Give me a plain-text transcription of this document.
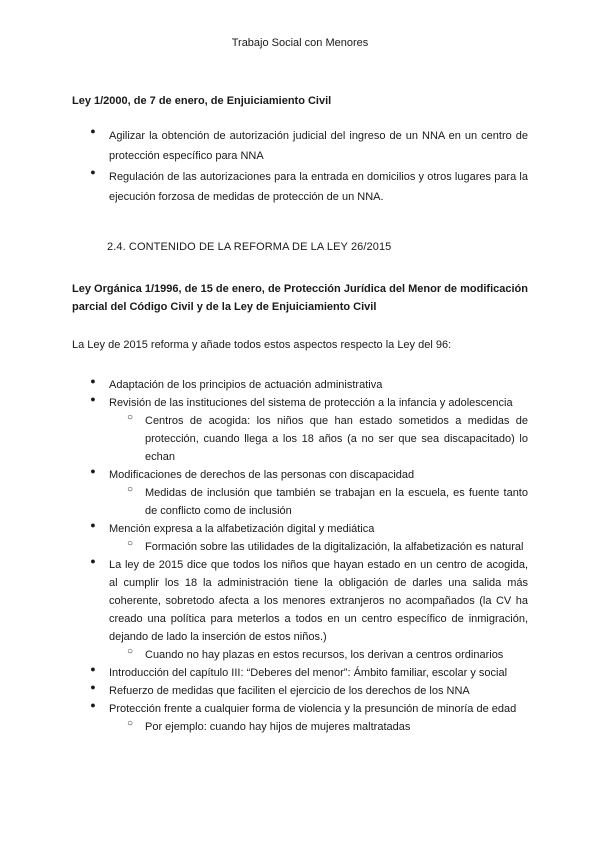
Trabajo Social con Menores
Ley 1/2000, de 7 de enero, de Enjuiciamiento Civil
●	Agilizar la obtención de autorización judicial del ingreso de un NNA en un centro de protección específico para NNA
●	Regulación de las autorizaciones para la entrada en domicilios y otros lugares para la ejecución forzosa de medidas de protección de un NNA.
2.4. CONTENIDO DE LA REFORMA DE LA LEY 26/2015
Ley Orgánica 1/1996, de 15 de enero, de Protección Jurídica del Menor de modificación parcial del Código Civil y de la Ley de Enjuiciamiento Civil
La Ley de 2015 reforma y añade todos estos aspectos respecto la Ley del 96:
●	Adaptación de los principios de actuación administrativa
●	Revisión de las instituciones del sistema de protección a la infancia y adolescencia
○	Centros de acogida: los niños que han estado sometidos a medidas de protección, cuando llega a los 18 años (a no ser que sea discapacitado) lo echan
●	Modificaciones de derechos de las personas con discapacidad
○	Medidas de inclusión que también se trabajan en la escuela, es fuente tanto de conflicto como de inclusión
●	Mención expresa a la alfabetización digital y mediática
○	Formación sobre las utilidades de la digitalización, la alfabetización es natural
●	La ley de 2015 dice que todos los niños que hayan estado en un centro de acogida, al cumplir los 18 la administración tiene la obligación de darles una salida más coherente, sobretodo afecta a los menores extranjeros no acompañados (la CV ha creado una política para meterlos a todos en un centro específico de inmigración, dejando de lado la inserción de estos niños.)
○	Cuando no hay plazas en estos recursos, los derivan a centros ordinarios
●	Introducción del capítulo III: “Deberes del menor”: Ámbito familiar, escolar y social
●	Refuerzo de medidas que faciliten el ejercicio de los derechos de los NNA
●	Protección frente a cualquier forma de violencia y la presunción de minoría de edad
○	Por ejemplo: cuando hay hijos de mujeres maltratadas
